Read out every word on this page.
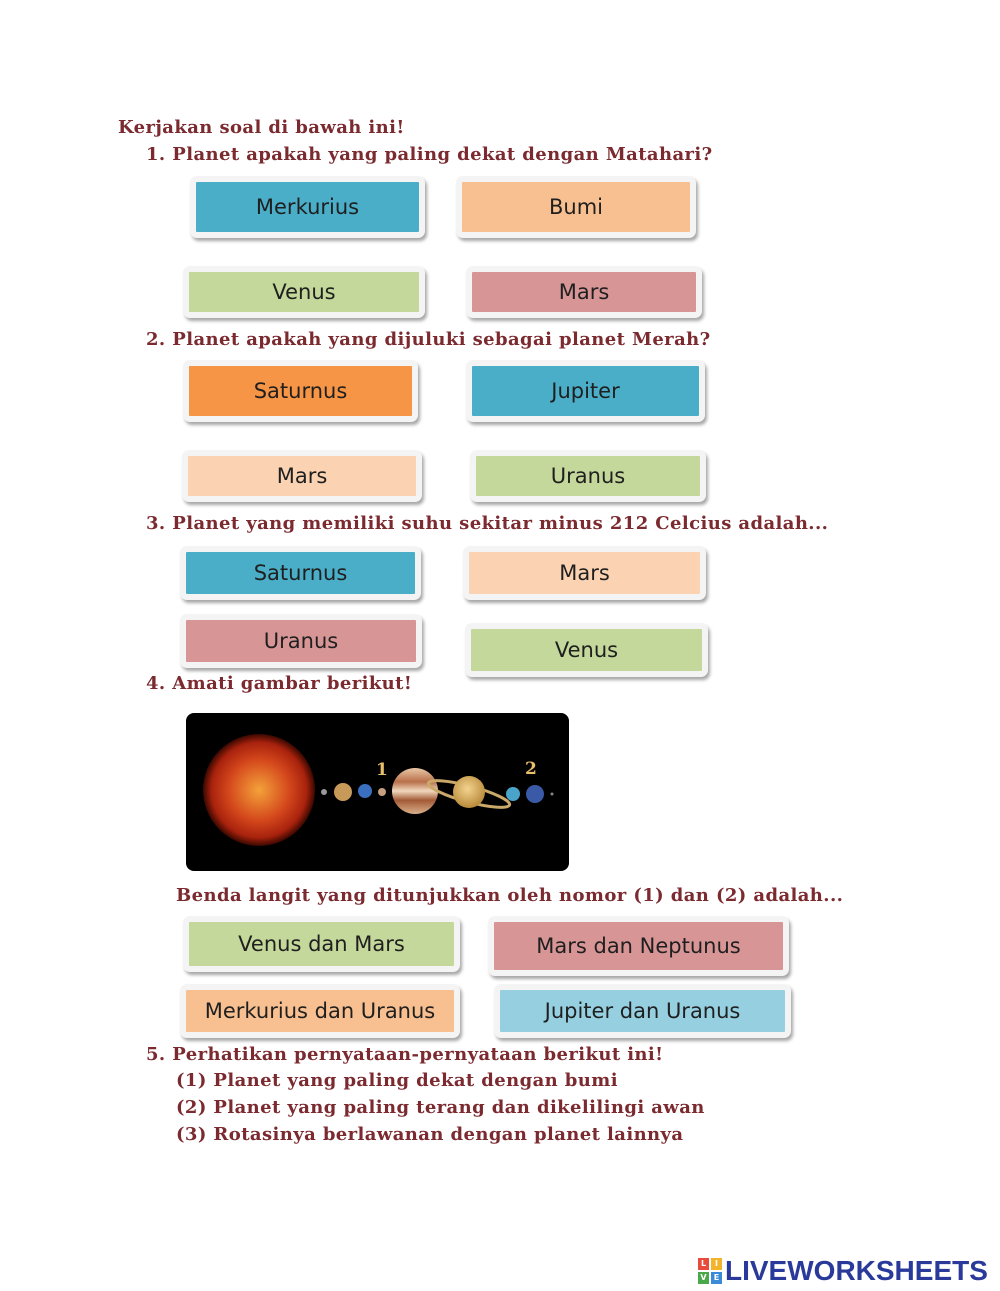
Kerjakan soal di bawah ini!
1. Planet apakah yang paling dekat dengan Matahari?
Merkurius	Bumi
Venus	Mars
2. Planet apakah yang dijuluki sebagai planet Merah?
Saturnus	Jupiter
Mars	Uranus
3. Planet yang memiliki suhu sekitar minus 212 Celcius adalah...
Saturnus	Mars
Uranus	Venus
4. Amati gambar berikut!
1	2
Benda langit yang ditunjukkan oleh nomor (1) dan (2) adalah...
Venus dan Mars	Mars dan Neptunus
Merkurius dan Uranus	Jupiter dan Uranus
5. Perhatikan pernyataan-pernyataan berikut ini!
(1) Planet yang paling dekat dengan bumi
(2) Planet yang paling terang dan dikelilingi awan
(3) Rotasinya berlawanan dengan planet lainnya
L	I
V E LIVEWORKSHEETS
